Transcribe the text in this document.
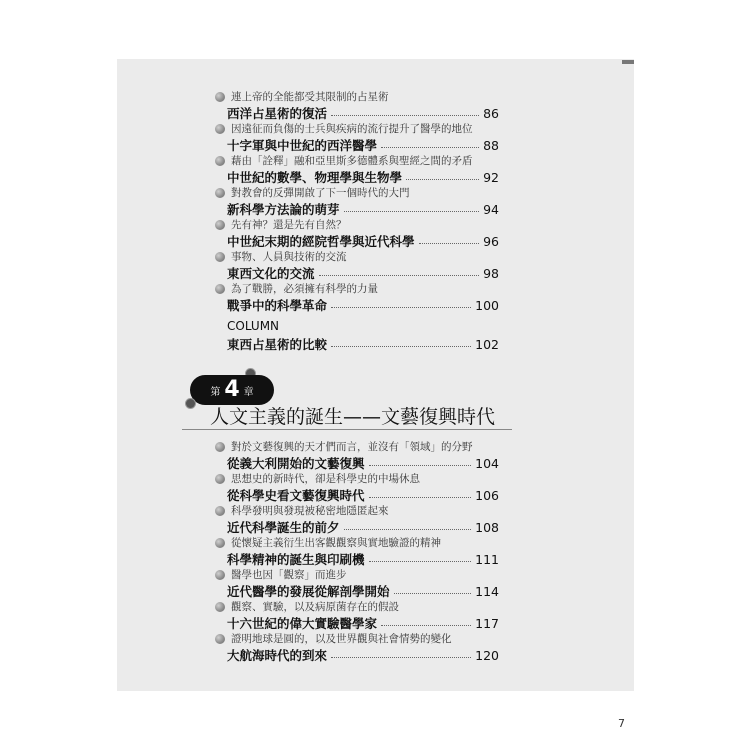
連上帝的全能都受其限制的占星術
西洋占星術的復活	86
因遠征而負傷的士兵與疾病的流行提升了醫學的地位
十字軍與中世紀的西洋醫學	88
藉由「詮釋」融和亞里斯多德體系與聖經之間的矛盾
中世紀的數學、物理學與生物學	92
對教會的反彈開啟了下一個時代的大門
新科學方法論的萌芽	94
先有神？還是先有自然？
中世紀末期的經院哲學與近代科學	96
事物、人員與技術的交流
東西文化的交流	98
為了戰勝，必須擁有科學的力量
戰爭中的科學革命	100
COLUMN
東西占星術的比較	102
第 4 章
人文主義的誕生——文藝復興時代
對於文藝復興的天才們而言，並沒有「領域」的分野
從義大利開始的文藝復興	104
思想史的新時代，卻是科學史的中場休息
從科學史看文藝復興時代	106
科學發明與發現被秘密地隱匿起來
近代科學誕生的前夕	108
從懷疑主義衍生出客觀觀察與實地驗證的精神
科學精神的誕生與印刷機	111
醫學也因「觀察」而進步
近代醫學的發展從解剖學開始	114
觀察、實驗，以及病原菌存在的假設
十六世紀的偉大實驗醫學家	117
證明地球是圓的，以及世界觀與社會情勢的變化
大航海時代的到來	120
7
